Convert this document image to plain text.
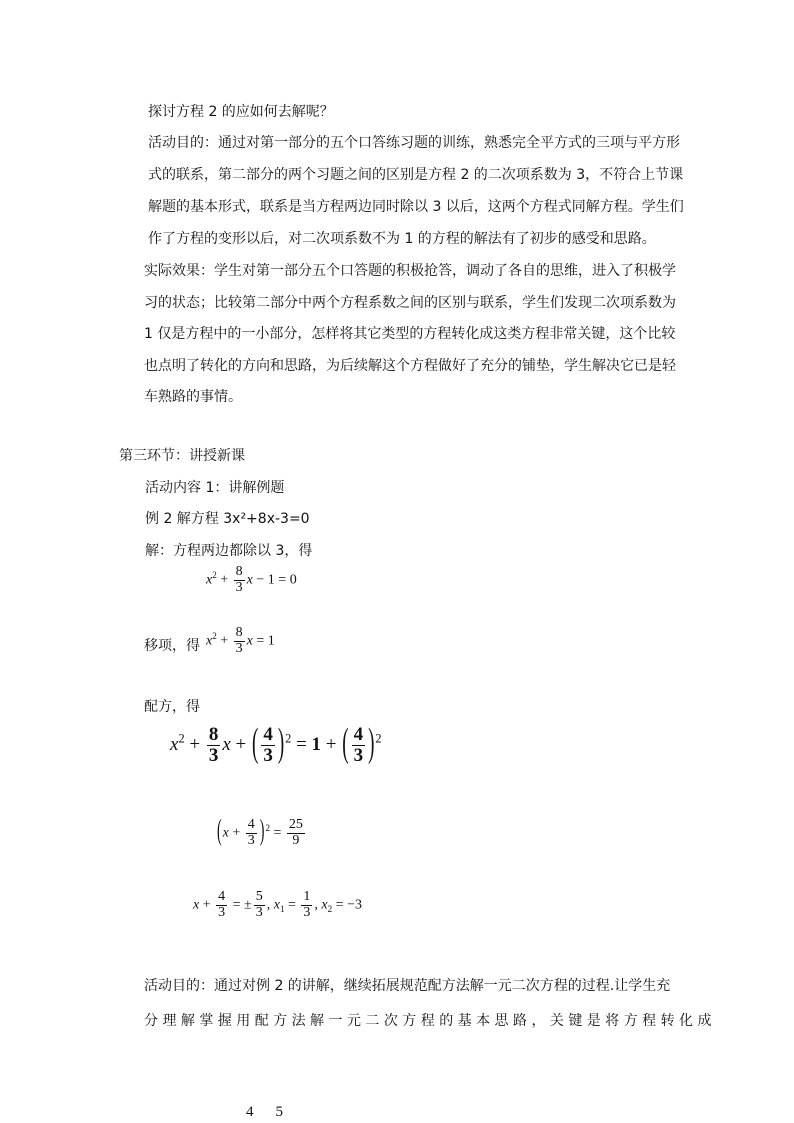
探讨方程 2 的应如何去解呢？
活动目的：通过对第一部分的五个口答练习题的训练，熟悉完全平方式的三项与平方形
式的联系，第二部分的两个习题之间的区别是方程 2 的二次项系数为 3，不符合上节课
解题的基本形式，联系是当方程两边同时除以 3 以后，这两个方程式同解方程。学生们
作了方程的变形以后，对二次项系数不为 1 的方程的解法有了初步的感受和思路。
实际效果：学生对第一部分五个口答题的积极抢答，调动了各自的思维，进入了积极学
习的状态；比较第二部分中两个方程系数之间的区别与联系，学生们发现二次项系数为
1 仅是方程中的一小部分，怎样将其它类型的方程转化成这类方程非常关键，这个比较
也点明了转化的方向和思路，为后续解这个方程做好了充分的铺垫，学生解决它已是轻
车熟路的事情。
第三环节：讲授新课
活动内容 1：讲解例题
例 2 解方程 3x²+8x-3=0
解：方程两边都除以 3，得
$x^2 + \frac{8}{3}$ x − 1 = 0
移项，得 $x^2 + \frac{8}{3}$ x = 1
配方，得
$x^2 + \frac{8}{3}$ x + ( $\frac{4}{3} )^2 = 1$ + ( $\frac{4}{3} )^2$
$(x + \frac{4}{3} )^2 = \frac{25}{9}$
$x + \frac{4}{3}$ = ± $\frac{5}{3}$ , $x_1 = \frac{1}{3}$ , $x_2 = -3$
活动目的：通过对例 2 的讲解，继续拓展规范配方法解一元二次方程的过程.让学生充
分 理 解 掌 握 用 配 方 法 解 一 元 二 次 方 程 的 基 本 思 路 ， 关 键 是 将 方 程 转 化 成
4 5
